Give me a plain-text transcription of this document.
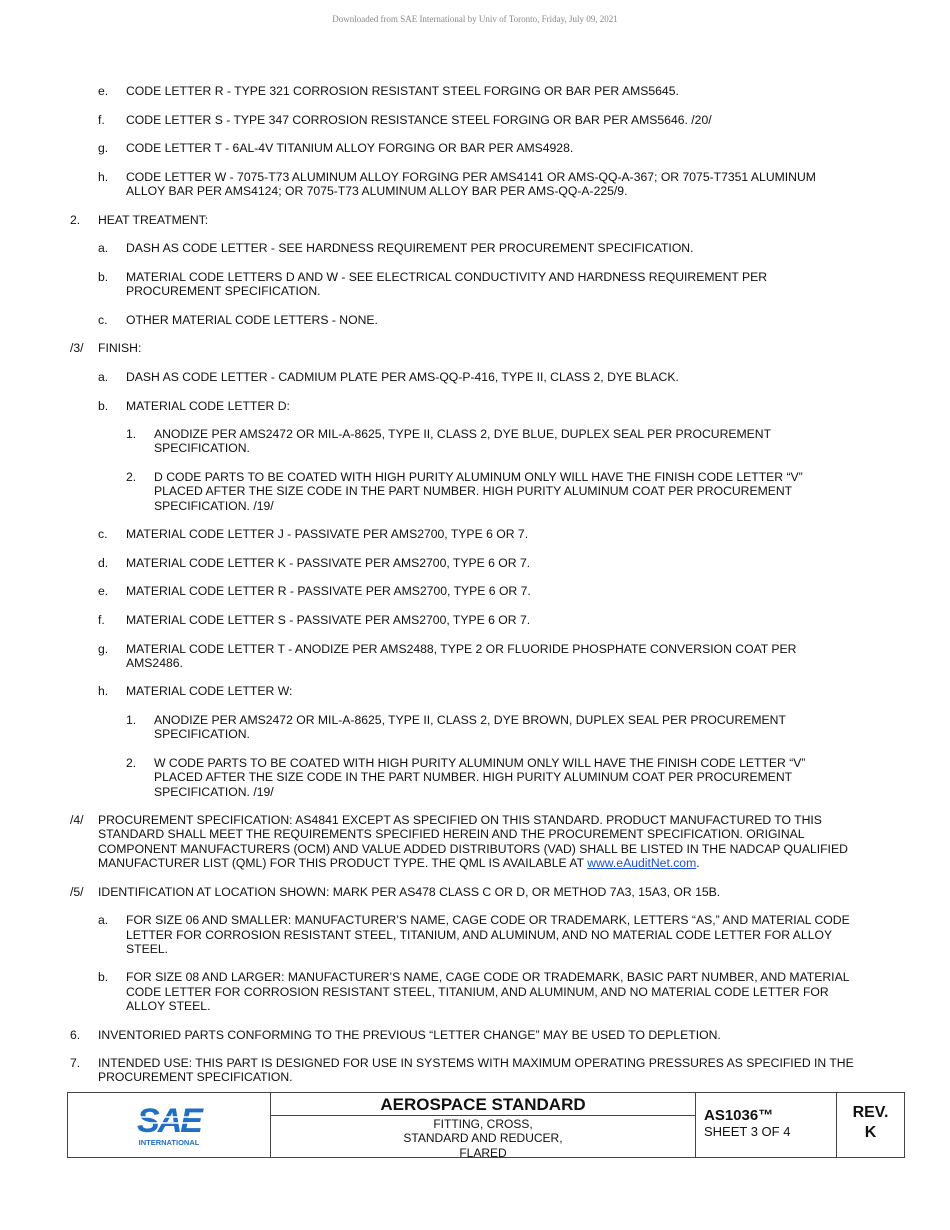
Downloaded from SAE International by Univ of Toronto, Friday, July 09, 2021
e. CODE LETTER R - TYPE 321 CORROSION RESISTANT STEEL FORGING OR BAR PER AMS5645.
f. CODE LETTER S - TYPE 347 CORROSION RESISTANCE STEEL FORGING OR BAR PER AMS5646. /20/
g. CODE LETTER T - 6AL-4V TITANIUM ALLOY FORGING OR BAR PER AMS4928.
h. CODE LETTER W - 7075-T73 ALUMINUM ALLOY FORGING PER AMS4141 OR AMS-QQ-A-367; OR 7075-T7351 ALUMINUM ALLOY BAR PER AMS4124; OR 7075-T73 ALUMINUM ALLOY BAR PER AMS-QQ-A-225/9.
2. HEAT TREATMENT:
a. DASH AS CODE LETTER - SEE HARDNESS REQUIREMENT PER PROCUREMENT SPECIFICATION.
b. MATERIAL CODE LETTERS D AND W - SEE ELECTRICAL CONDUCTIVITY AND HARDNESS REQUIREMENT PER PROCUREMENT SPECIFICATION.
c. OTHER MATERIAL CODE LETTERS - NONE.
/3/ FINISH:
a. DASH AS CODE LETTER - CADMIUM PLATE PER AMS-QQ-P-416, TYPE II, CLASS 2, DYE BLACK.
b. MATERIAL CODE LETTER D:
1. ANODIZE PER AMS2472 OR MIL-A-8625, TYPE II, CLASS 2, DYE BLUE, DUPLEX SEAL PER PROCUREMENT SPECIFICATION.
2. D CODE PARTS TO BE COATED WITH HIGH PURITY ALUMINUM ONLY WILL HAVE THE FINISH CODE LETTER “V” PLACED AFTER THE SIZE CODE IN THE PART NUMBER. HIGH PURITY ALUMINUM COAT PER PROCUREMENT SPECIFICATION. /19/
c. MATERIAL CODE LETTER J - PASSIVATE PER AMS2700, TYPE 6 OR 7.
d. MATERIAL CODE LETTER K - PASSIVATE PER AMS2700, TYPE 6 OR 7.
e. MATERIAL CODE LETTER R - PASSIVATE PER AMS2700, TYPE 6 OR 7.
f. MATERIAL CODE LETTER S - PASSIVATE PER AMS2700, TYPE 6 OR 7.
g. MATERIAL CODE LETTER T - ANODIZE PER AMS2488, TYPE 2 OR FLUORIDE PHOSPHATE CONVERSION COAT PER AMS2486.
h. MATERIAL CODE LETTER W:
1. ANODIZE PER AMS2472 OR MIL-A-8625, TYPE II, CLASS 2, DYE BROWN, DUPLEX SEAL PER PROCUREMENT SPECIFICATION.
2. W CODE PARTS TO BE COATED WITH HIGH PURITY ALUMINUM ONLY WILL HAVE THE FINISH CODE LETTER “V” PLACED AFTER THE SIZE CODE IN THE PART NUMBER. HIGH PURITY ALUMINUM COAT PER PROCUREMENT SPECIFICATION. /19/
/4/ PROCUREMENT SPECIFICATION: AS4841 EXCEPT AS SPECIFIED ON THIS STANDARD. PRODUCT MANUFACTURED TO THIS STANDARD SHALL MEET THE REQUIREMENTS SPECIFIED HEREIN AND THE PROCUREMENT SPECIFICATION. ORIGINAL COMPONENT MANUFACTURERS (OCM) AND VALUE ADDED DISTRIBUTORS (VAD) SHALL BE LISTED IN THE NADCAP QUALIFIED MANUFACTURER LIST (QML) FOR THIS PRODUCT TYPE. THE QML IS AVAILABLE AT www.eAuditNet.com.
/5/ IDENTIFICATION AT LOCATION SHOWN: MARK PER AS478 CLASS C OR D, OR METHOD 7A3, 15A3, OR 15B.
a. FOR SIZE 06 AND SMALLER: MANUFACTURER’S NAME, CAGE CODE OR TRADEMARK, LETTERS “AS,” AND MATERIAL CODE LETTER FOR CORROSION RESISTANT STEEL, TITANIUM, AND ALUMINUM, AND NO MATERIAL CODE LETTER FOR ALLOY STEEL.
b. FOR SIZE 08 AND LARGER: MANUFACTURER’S NAME, CAGE CODE OR TRADEMARK, BASIC PART NUMBER, AND MATERIAL CODE LETTER FOR CORROSION RESISTANT STEEL, TITANIUM, AND ALUMINUM, AND NO MATERIAL CODE LETTER FOR ALLOY STEEL.
6. INVENTORIED PARTS CONFORMING TO THE PREVIOUS “LETTER CHANGE” MAY BE USED TO DEPLETION.
7. INTENDED USE: THIS PART IS DESIGNED FOR USE IN SYSTEMS WITH MAXIMUM OPERATING PRESSURES AS SPECIFIED IN THE PROCUREMENT SPECIFICATION.
SAE
INTERNATIONAL
AEROSPACE STANDARD
FITTING, CROSS,
STANDARD AND REDUCER,
FLARED
AS1036™
SHEET 3 OF 4
REV.
K
